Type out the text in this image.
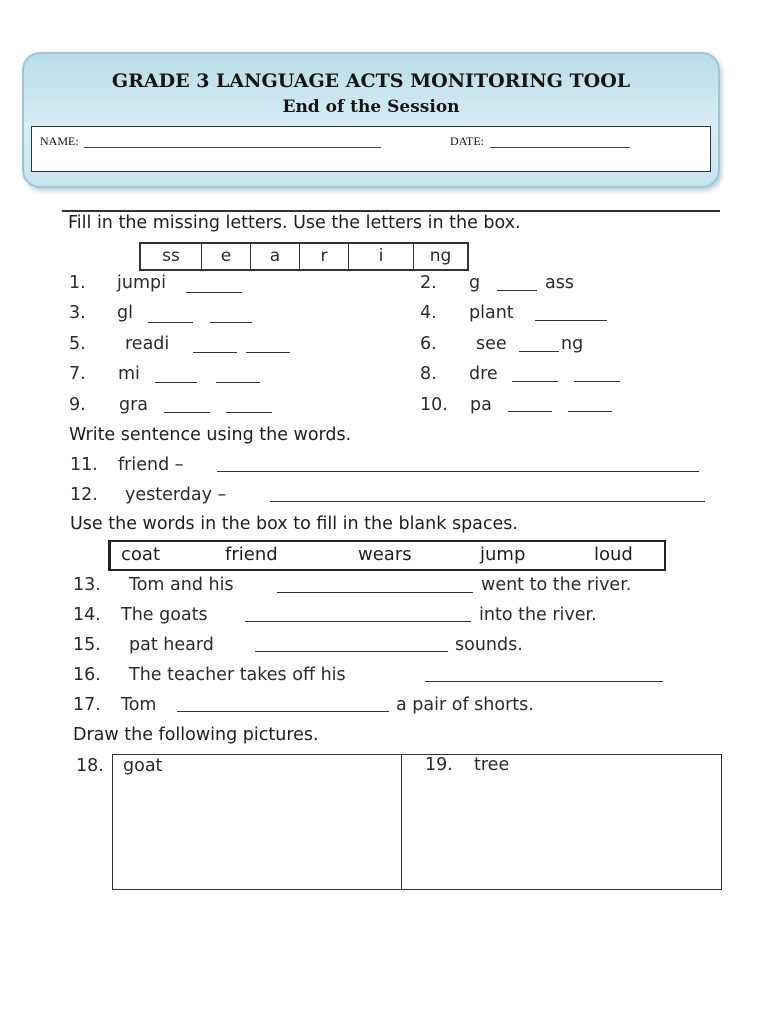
GRADE 3 LANGUAGE ACTS MONITORING TOOL
End of the Session
NAME:	DATE:
Fill in the missing letters. Use the letters in the box.
ss	e	a	r	i	ng
1. jumpi	2. g	ass
3. gl	4. plant
5. readi	6. see	ng
7. mi	8. dre
9. gra	10. pa
Write sentence using the words.
11. friend –
12. yesterday –
Use the words in the box to fill in the blank spaces.
coat	friend	wears	jump	loud
13. Tom and his	went to the river.
14. The goats	into the river.
15. pat heard	sounds.
16. The teacher takes off his
17. Tom	a pair of shorts.
Draw the following pictures.
18. goat	19. tree
